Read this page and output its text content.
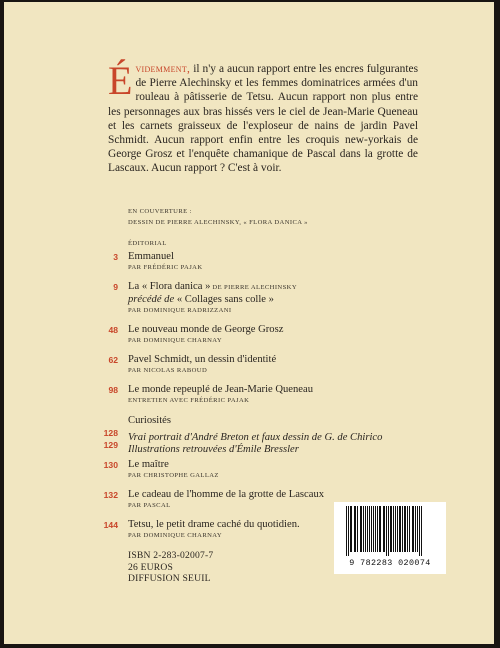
Évidemment, il n'y a aucun rapport entre les encres fulgurantes de Pierre Alechinsky et les femmes dominatrices armées d'un rouleau à pâtisserie de Tetsu. Aucun rapport non plus entre les personnages aux bras hissés vers le ciel de Jean-Marie Queneau et les carnets graisseux de l'exploseur de nains de jardin Pavel Schmidt. Aucun rapport enfin entre les croquis new-yorkais de George Grosz et l'enquête chamanique de Pascal dans la grotte de Lascaux. Aucun rapport ? C'est à voir.
EN COUVERTURE :
DESSIN DE PIERRE ALECHINSKY, « FLORA DANICA »
ÉDITORIAL
3 Emmanuel
PAR FRÉDÉRIC PAJAK
9 La « Flora danica » DE PIERRE ALECHINSKY
précédé de « Collages sans colle »
PAR DOMINIQUE RADRIZZANI
48 Le nouveau monde de George Grosz
PAR DOMINIQUE CHARNAY
62 Pavel Schmidt, un dessin d'identité
PAR NICOLAS RABOUD
98 Le monde repeuplé de Jean-Marie Queneau
ENTRETIEN AVEC FRÉDÉRIC PAJAK
Curiosités
128 Vrai portrait d'André Breton et faux dessin de G. de Chirico
129 Illustrations retrouvées d'Émile Bressler
130 Le maître
PAR CHRISTOPHE GALLAZ
132 Le cadeau de l'homme de la grotte de Lascaux
PAR PASCAL
144 Tetsu, le petit drame caché du quotidien.
PAR DOMINIQUE CHARNAY
ISBN 2-283-02007-7
26 EUROS
DIFFUSION SEUIL
9 782283 020074
